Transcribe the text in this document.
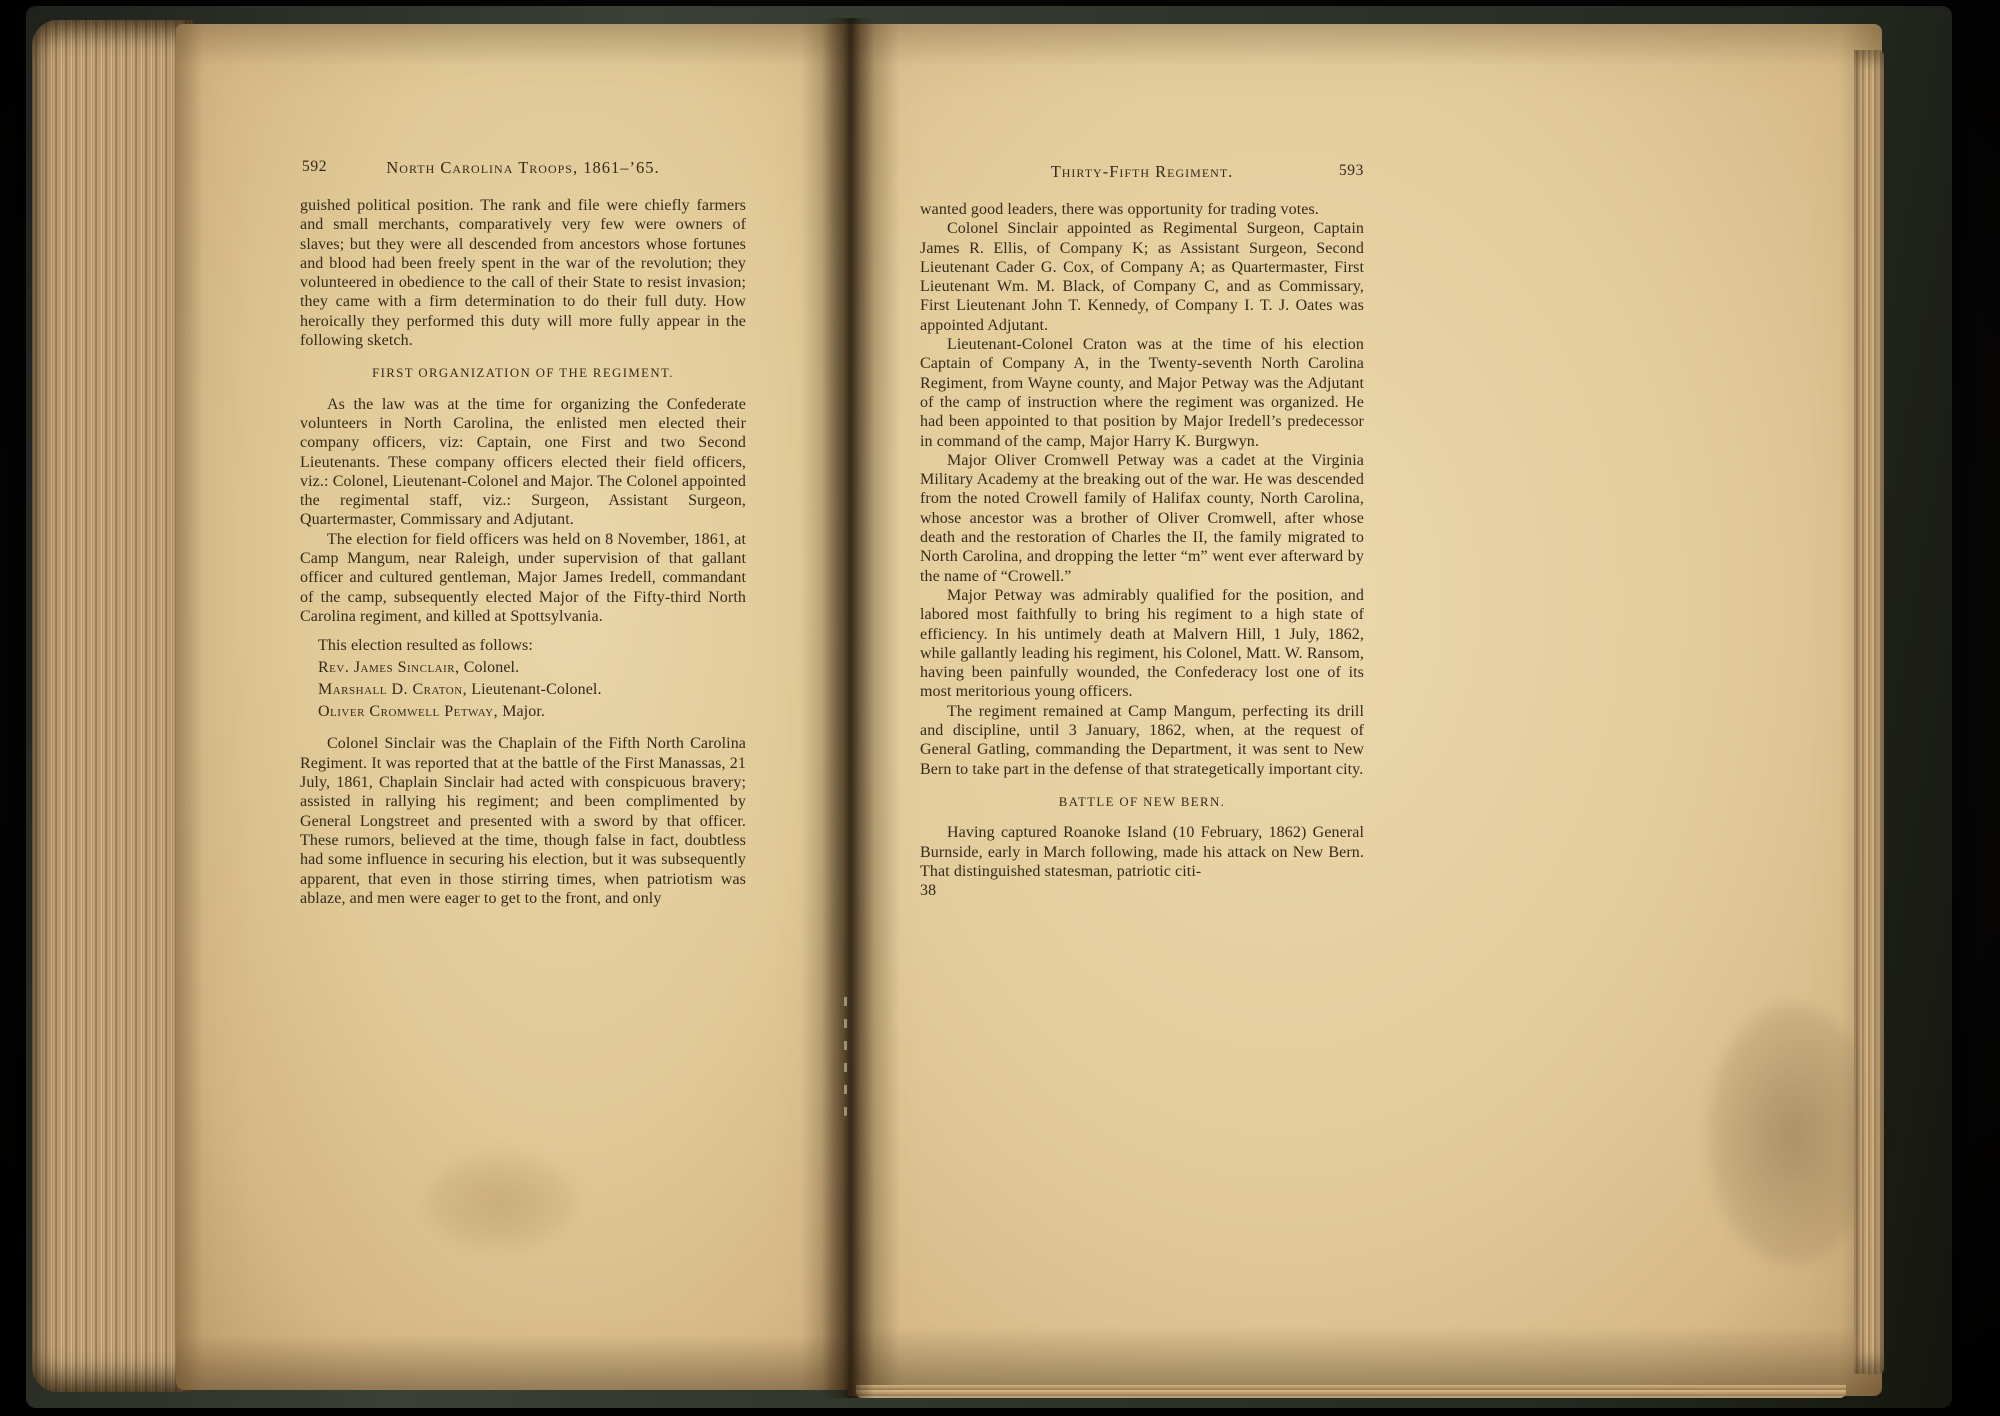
592	North Carolina Troops, 1861–’65.

guished political position. The rank and file were chiefly farmers and small merchants, comparatively very few were owners of slaves; but they were all descended from ancestors whose fortunes and blood had been freely spent in the war of the revolution; they volunteered in obedience to the call of their State to resist invasion; they came with a firm determination to do their full duty. How heroically they performed this duty will more fully appear in the following sketch.

FIRST ORGANIZATION OF THE REGIMENT.

As the law was at the time for organizing the Confederate volunteers in North Carolina, the enlisted men elected their company officers, viz: Captain, one First and two Second Lieutenants. These company officers elected their field officers, viz.: Colonel, Lieutenant-Colonel and Major. The Colonel appointed the regimental staff, viz.: Surgeon, Assistant Surgeon, Quartermaster, Commissary and Adjutant.

The election for field officers was held on 8 November, 1861, at Camp Mangum, near Raleigh, under supervision of that gallant officer and cultured gentleman, Major James Iredell, commandant of the camp, subsequently elected Major of the Fifty-third North Carolina regiment, and killed at Spottsylvania.

This election resulted as follows:

Rev. James Sinclair, Colonel.

Marshall D. Craton, Lieutenant-Colonel.

Oliver Cromwell Petway, Major.

Colonel Sinclair was the Chaplain of the Fifth North Carolina Regiment. It was reported that at the battle of the First Manassas, 21 July, 1861, Chaplain Sinclair had acted with conspicuous bravery; assisted in rallying his regiment; and been complimented by General Longstreet and presented with a sword by that officer. These rumors, believed at the time, though false in fact, doubtless had some influence in securing his election, but it was subsequently apparent, that even in those stirring times, when patriotism was ablaze, and men were eager to get to the front, and only

Thirty-Fifth Regiment.	593

wanted good leaders, there was opportunity for trading votes.

Colonel Sinclair appointed as Regimental Surgeon, Captain James R. Ellis, of Company K; as Assistant Surgeon, Second Lieutenant Cader G. Cox, of Company A; as Quartermaster, First Lieutenant Wm. M. Black, of Company C, and as Commissary, First Lieutenant John T. Kennedy, of Company I. T. J. Oates was appointed Adjutant.

Lieutenant-Colonel Craton was at the time of his election Captain of Company A, in the Twenty-seventh North Carolina Regiment, from Wayne county, and Major Petway was the Adjutant of the camp of instruction where the regiment was organized. He had been appointed to that position by Major Iredell’s predecessor in command of the camp, Major Harry K. Burgwyn.

Major Oliver Cromwell Petway was a cadet at the Virginia Military Academy at the breaking out of the war. He was descended from the noted Crowell family of Halifax county, North Carolina, whose ancestor was a brother of Oliver Cromwell, after whose death and the restoration of Charles the II, the family migrated to North Carolina, and dropping the letter “m” went ever afterward by the name of “Crowell.”

Major Petway was admirably qualified for the position, and labored most faithfully to bring his regiment to a high state of efficiency. In his untimely death at Malvern Hill, 1 July, 1862, while gallantly leading his regiment, his Colonel, Matt. W. Ransom, having been painfully wounded, the Confederacy lost one of its most meritorious young officers.

The regiment remained at Camp Mangum, perfecting its drill and discipline, until 3 January, 1862, when, at the request of General Gatling, commanding the Department, it was sent to New Bern to take part in the defense of that strategetically important city.

BATTLE OF NEW BERN.

Having captured Roanoke Island (10 February, 1862) General Burnside, early in March following, made his attack on New Bern. That distinguished statesman, patriotic citi-

38
